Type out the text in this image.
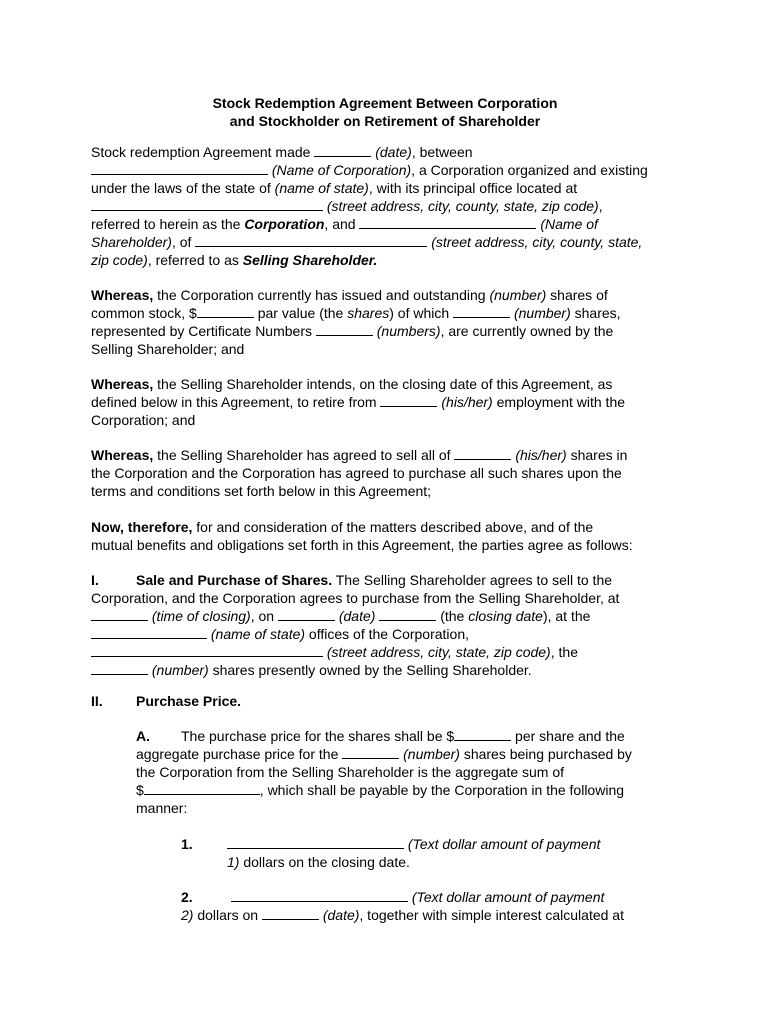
Stock Redemption Agreement Between Corporation
and Stockholder on Retirement of Shareholder
Stock redemption Agreement made	(date), between
(Name of Corporation), a Corporation organized and existing
under the laws of the state of (name of state), with its principal office located at
(street address, city, county, state, zip code),
referred to herein as the Corporation, and	(Name of
Shareholder), of	(street address, city, county, state,
zip code), referred to as Selling Shareholder.
Whereas, the Corporation currently has issued and outstanding (number) shares of
common stock, $	par value (the shares) of which	(number) shares,
represented by Certificate Numbers	(numbers), are currently owned by the
Selling Shareholder; and
Whereas, the Selling Shareholder intends, on the closing date of this Agreement, as
defined below in this Agreement, to retire from	(his/her) employment with the
Corporation; and
Whereas, the Selling Shareholder has agreed to sell all of	(his/her) shares in
the Corporation and the Corporation has agreed to purchase all such shares upon the
terms and conditions set forth below in this Agreement;
Now, therefore, for and consideration of the matters described above, and of the
mutual benefits and obligations set forth in this Agreement, the parties agree as follows:
I.	Sale and Purchase of Shares. The Selling Shareholder agrees to sell to the
Corporation, and the Corporation agrees to purchase from the Selling Shareholder, at
(time of closing), on	(date)	(the closing date), at the
(name of state) offices of the Corporation,
(street address, city, state, zip code), the
(number) shares presently owned by the Selling Shareholder.
II. Purchase Price.
A. The purchase price for the shares shall be $	per share and the
aggregate purchase price for the	(number) shares being purchased by
the Corporation from the Selling Shareholder is the aggregate sum of
$	, which shall be payable by the Corporation in the following
manner:
1.	(Text dollar amount of payment
1) dollars on the closing date.
2.	(Text dollar amount of payment
2) dollars on	(date), together with simple interest calculated at
